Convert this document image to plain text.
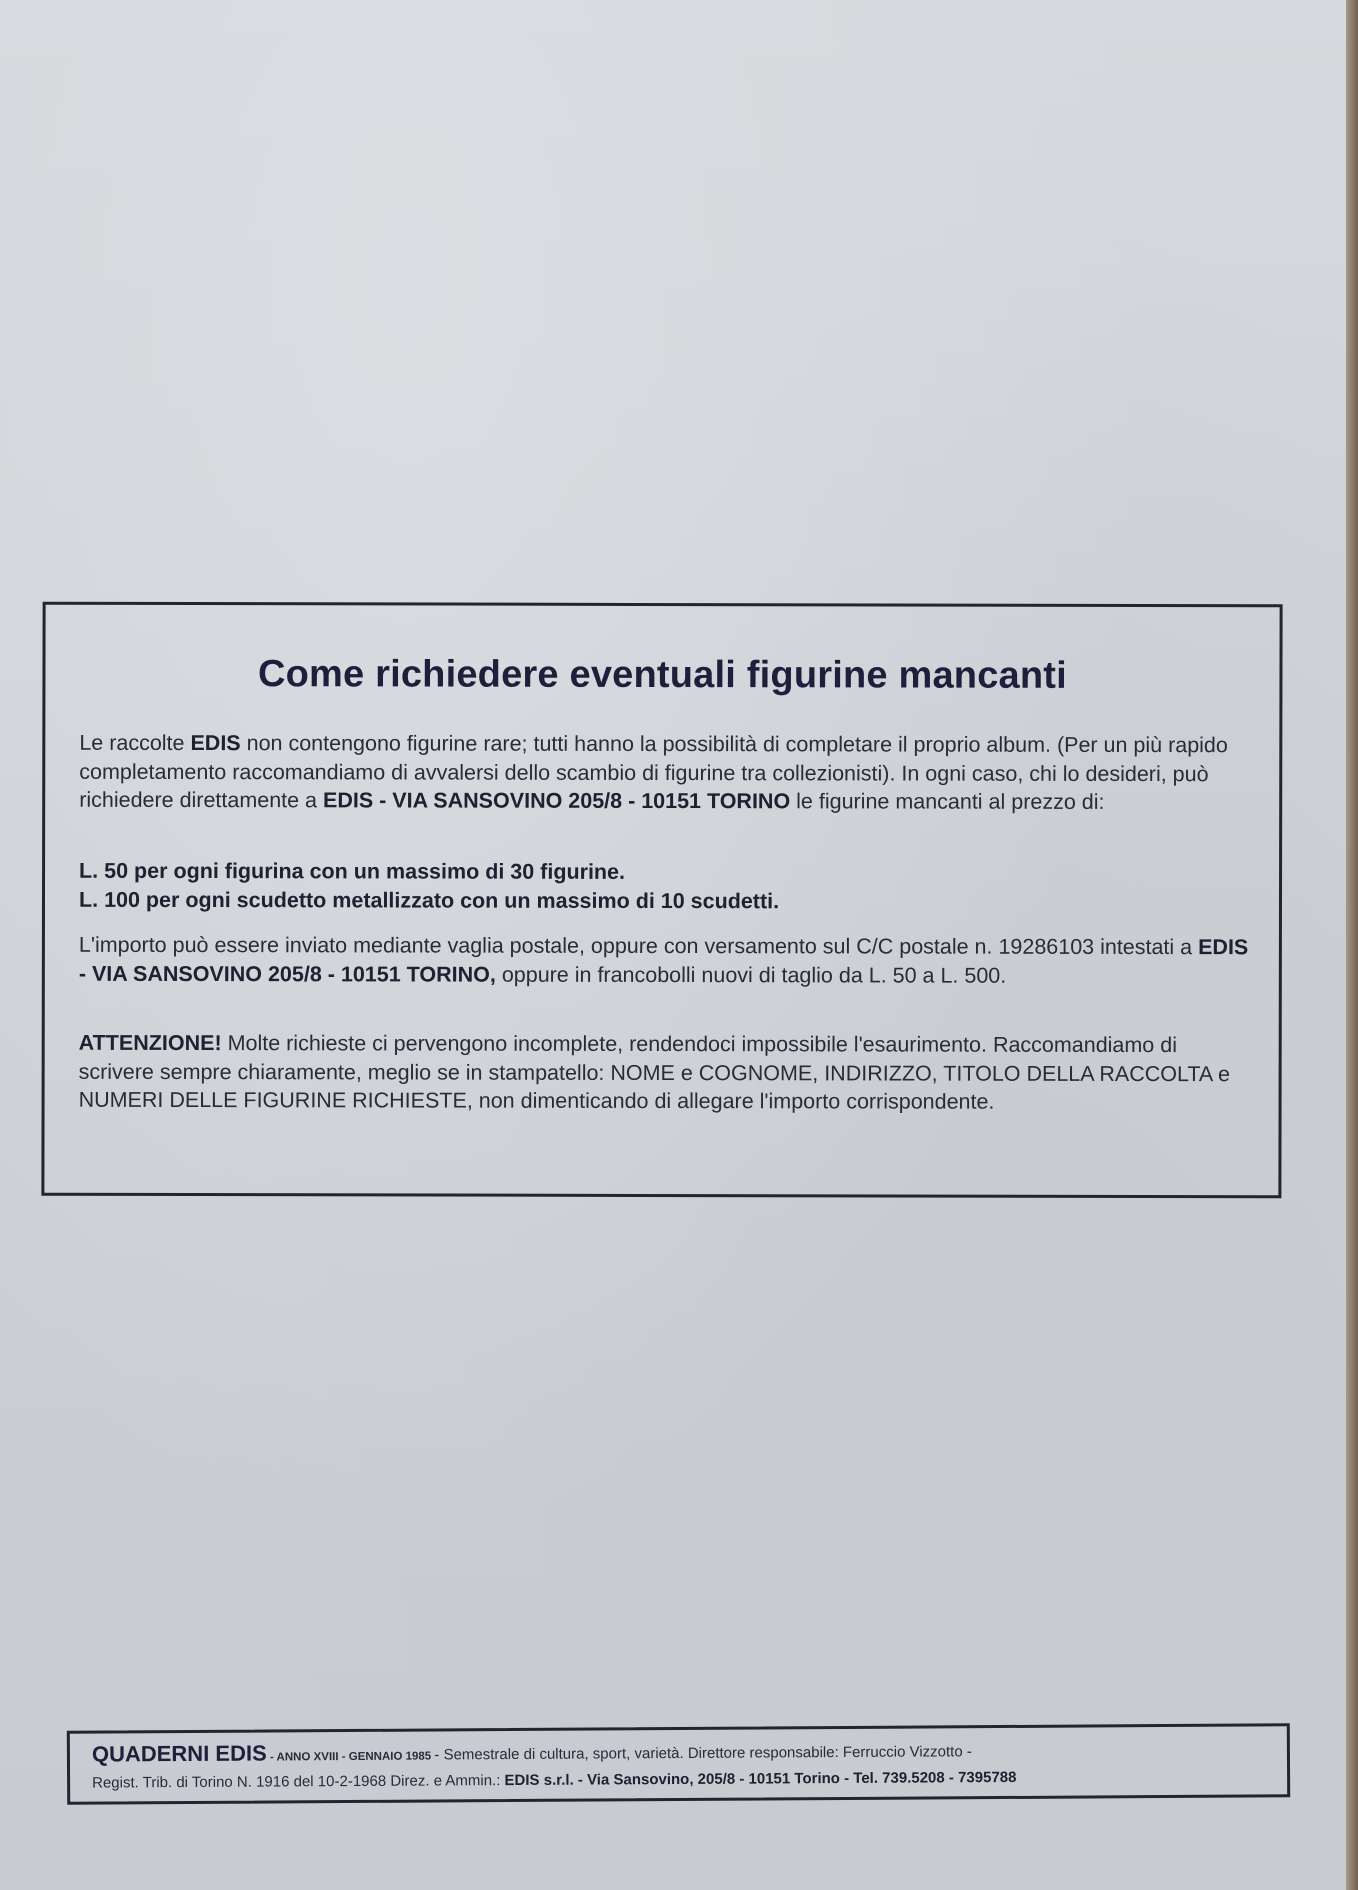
Come richiedere eventuali figurine mancanti
Le raccolte EDIS non contengono figurine rare; tutti hanno la possibilità di completare il proprio album. (Per un più rapido completamento raccomandiamo di avvalersi dello scambio di figurine tra collezionisti). In ogni caso, chi lo desideri, può richiedere direttamente a EDIS - VIA SANSOVINO 205/8 - 10151 TORINO le figurine mancanti al prezzo di:
L. 50 per ogni figurina con un massimo di 30 figurine.
L. 100 per ogni scudetto metallizzato con un massimo di 10 scudetti.
L'importo può essere inviato mediante vaglia postale, oppure con versamento sul C/C postale n. 19286103 intestati a EDIS - VIA SANSOVINO 205/8 - 10151 TORINO, oppure in francobolli nuovi di taglio da L. 50 a L. 500.
ATTENZIONE! Molte richieste ci pervengono incomplete, rendendoci impossibile l'esaurimento. Raccomandiamo di scrivere sempre chiaramente, meglio se in stampatello: NOME e COGNOME, INDIRIZZO, TITOLO DELLA RACCOLTA e NUMERI DELLE FIGURINE RICHIESTE, non dimenticando di allegare l'importo corrispondente.
QUADERNI EDIS - ANNO XVIII - GENNAIO 1985 - Semestrale di cultura, sport, varietà. Direttore responsabile: Ferruccio Vizzotto -
Regist. Trib. di Torino N. 1916 del 10-2-1968 Direz. e Ammin.: EDIS s.r.l. - Via Sansovino, 205/8 - 10151 Torino - Tel. 739.5208 - 7395788
